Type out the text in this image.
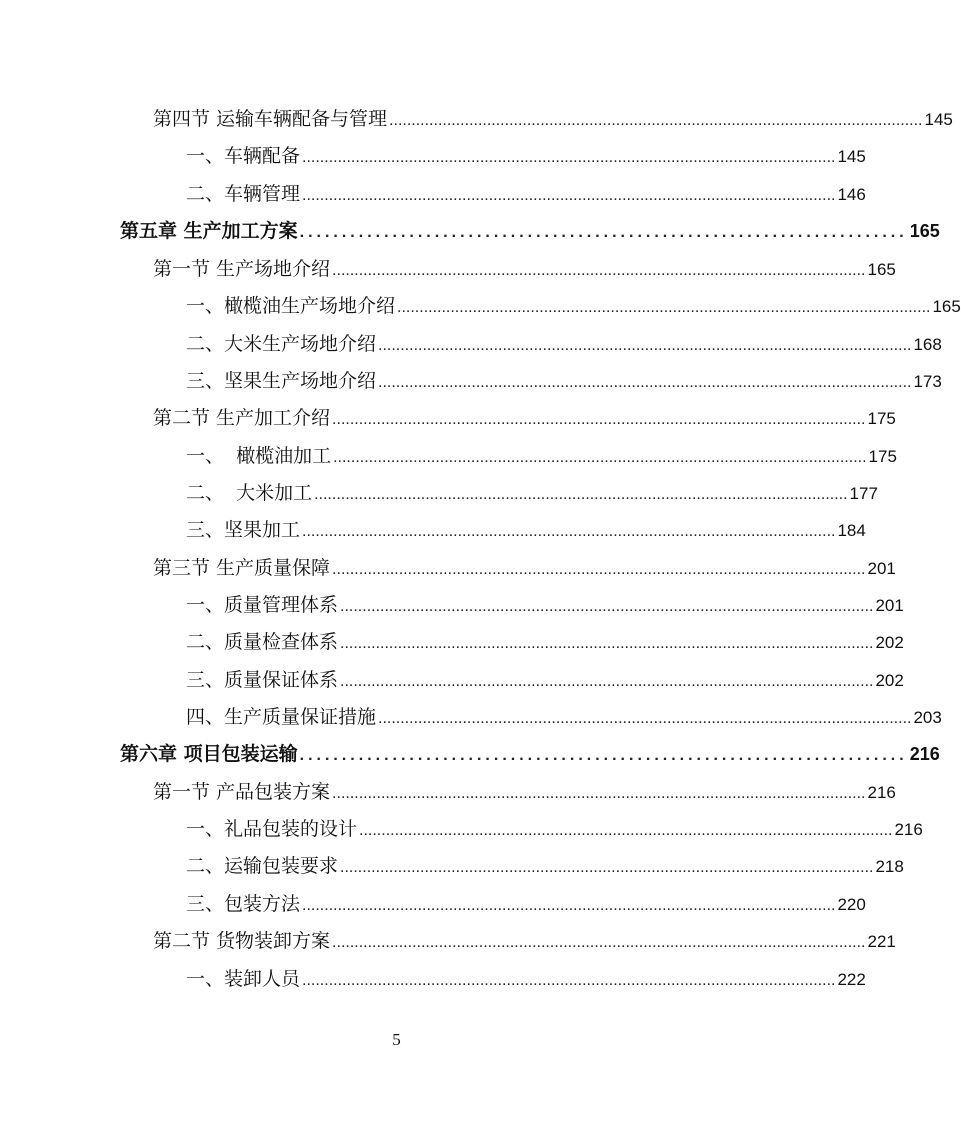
第四节 运输车辆配备与管理 ........................................................................................................................ 145
一、车辆配备 ........................................................................................................................ 145
二、车辆管理 ........................................................................................................................ 146
第五章 生产加工方案 ........................................................................ 165
第一节 生产场地介绍 ........................................................................................................................ 165
一、橄榄油生产场地介绍 ........................................................................................................................ 165
二、大米生产场地介绍 ........................................................................................................................ 168
三、坚果生产场地介绍 ........................................................................................................................ 173
第二节 生产加工介绍 ........................................................................................................................ 175
一、  橄榄油加工 ........................................................................................................................ 175
二、  大米加工 ........................................................................................................................ 177
三、坚果加工 ........................................................................................................................ 184
第三节 生产质量保障 ........................................................................................................................ 201
一、质量管理体系 ........................................................................................................................ 201
二、质量检查体系 ........................................................................................................................ 202
三、质量保证体系 ........................................................................................................................ 202
四、生产质量保证措施 ........................................................................................................................ 203
第六章 项目包装运输 ........................................................................ 216
第一节 产品包装方案 ........................................................................................................................ 216
一、礼品包装的设计 ........................................................................................................................ 216
二、运输包装要求 ........................................................................................................................ 218
三、包装方法 ........................................................................................................................ 220
第二节 货物装卸方案 ........................................................................................................................ 221
一、装卸人员 ........................................................................................................................ 222
5
